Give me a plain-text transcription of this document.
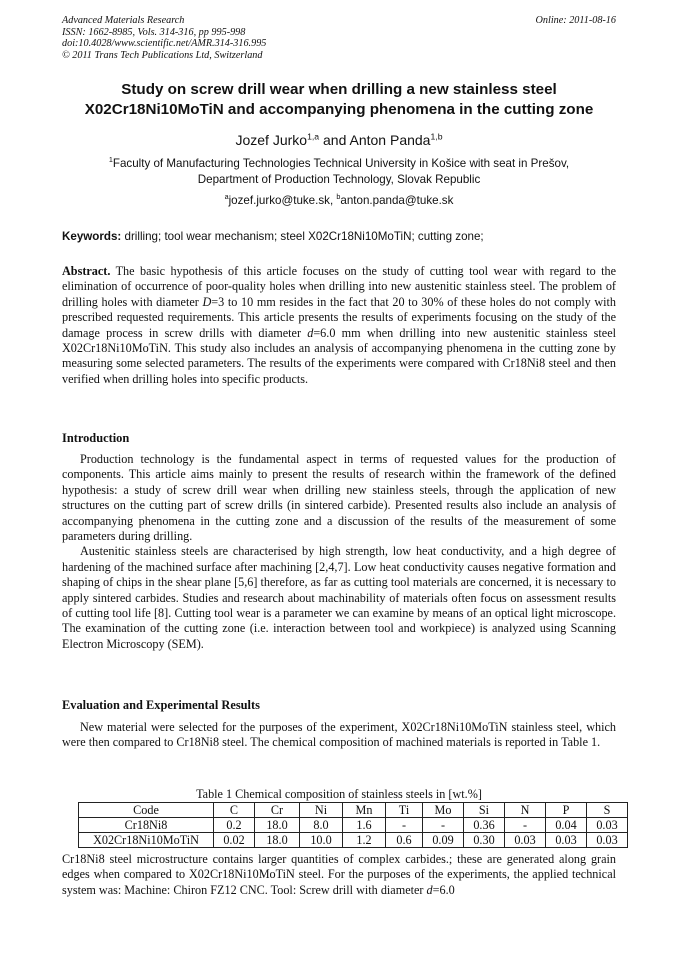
Advanced Materials Research
ISSN: 1662-8985, Vols. 314-316, pp 995-998
doi:10.4028/www.scientific.net/AMR.314-316.995
© 2011 Trans Tech Publications Ltd, Switzerland
Online: 2011-08-16
Study on screw drill wear when drilling a new stainless steel
X02Cr18Ni10MoTiN and accompanying phenomena in the cutting zone
Jozef Jurko$^{1,a}$ and Anton Panda$^{1,b}$
$^1$Faculty of Manufacturing Technologies Technical University in Košice with seat in Prešov,
Department of Production Technology, Slovak Republic
$^a$jozef.jurko@tuke.sk, $^b$anton.panda@tuke.sk
Keywords: drilling; tool wear mechanism; steel X02Cr18Ni10MoTiN; cutting zone;
Abstract. The basic hypothesis of this article focuses on the study of cutting tool wear with regard to the elimination of occurrence of poor-quality holes when drilling into new austenitic stainless steel. The problem of drilling holes with diameter D=3 to 10 mm resides in the fact that 20 to 30% of these holes do not comply with prescribed requested requirements. This article presents the results of experiments focusing on the study of the damage process in screw drills with diameter d=6.0 mm when drilling into new austenitic stainless steel X02Cr18Ni10MoTiN. This study also includes an analysis of accompanying phenomena in the cutting zone by measuring some selected parameters. The results of the experiments were compared with Cr18Ni8 steel and then verified when drilling holes into specific products.
Introduction

Production technology is the fundamental aspect in terms of requested values for the production of components. This article aims mainly to present the results of research within the framework of the defined hypothesis: a study of screw drill wear when drilling new stainless steels, through the application of new structures on the cutting part of screw drills (in sintered carbide). Presented results also include an analysis of accompanying phenomena in the cutting zone and a discussion of the results of the measurement of some parameters during drilling.

Austenitic stainless steels are characterised by high strength, low heat conductivity, and a high degree of hardening of the machined surface after machining [2,4,7]. Low heat conductivity causes negative formation and shaping of chips in the shear plane [5,6] therefore, as far as cutting tool materials are concerned, it is necessary to apply sintered carbides. Studies and research about machinability of materials often focus on assessment results of cutting tool life [8]. Cutting tool wear is a parameter we can examine by means of an optical light microscope. The examination of the cutting zone (i.e. interaction between tool and workpiece) is analyzed using Scanning Electron Microscopy (SEM).

Evaluation and Experimental Results

New material were selected for the purposes of the experiment, X02Cr18Ni10MoTiN stainless steel, which were then compared to Cr18Ni8 steel. The chemical composition of machined materials is reported in Table 1.

Table 1 Chemical composition of stainless steels in [wt.%]
Code	C	Cr	Ni	Mn	Ti	Mo	Si	N	P	S
Cr18Ni8	0.2	18.0	8.0	1.6	-	-	0.36	-	0.04	0.03
X02Cr18Ni10MoTiN	0.02	18.0	10.0	1.2	0.6	0.09	0.30	0.03	0.03	0.03

Cr18Ni8 steel microstructure contains larger quantities of complex carbides.; these are generated along grain edges when compared to X02Cr18Ni10MoTiN steel. For the purposes of the experiments, the applied technical system was: Machine: Chiron FZ12 CNC. Tool: Screw drill with diameter d=6.0
